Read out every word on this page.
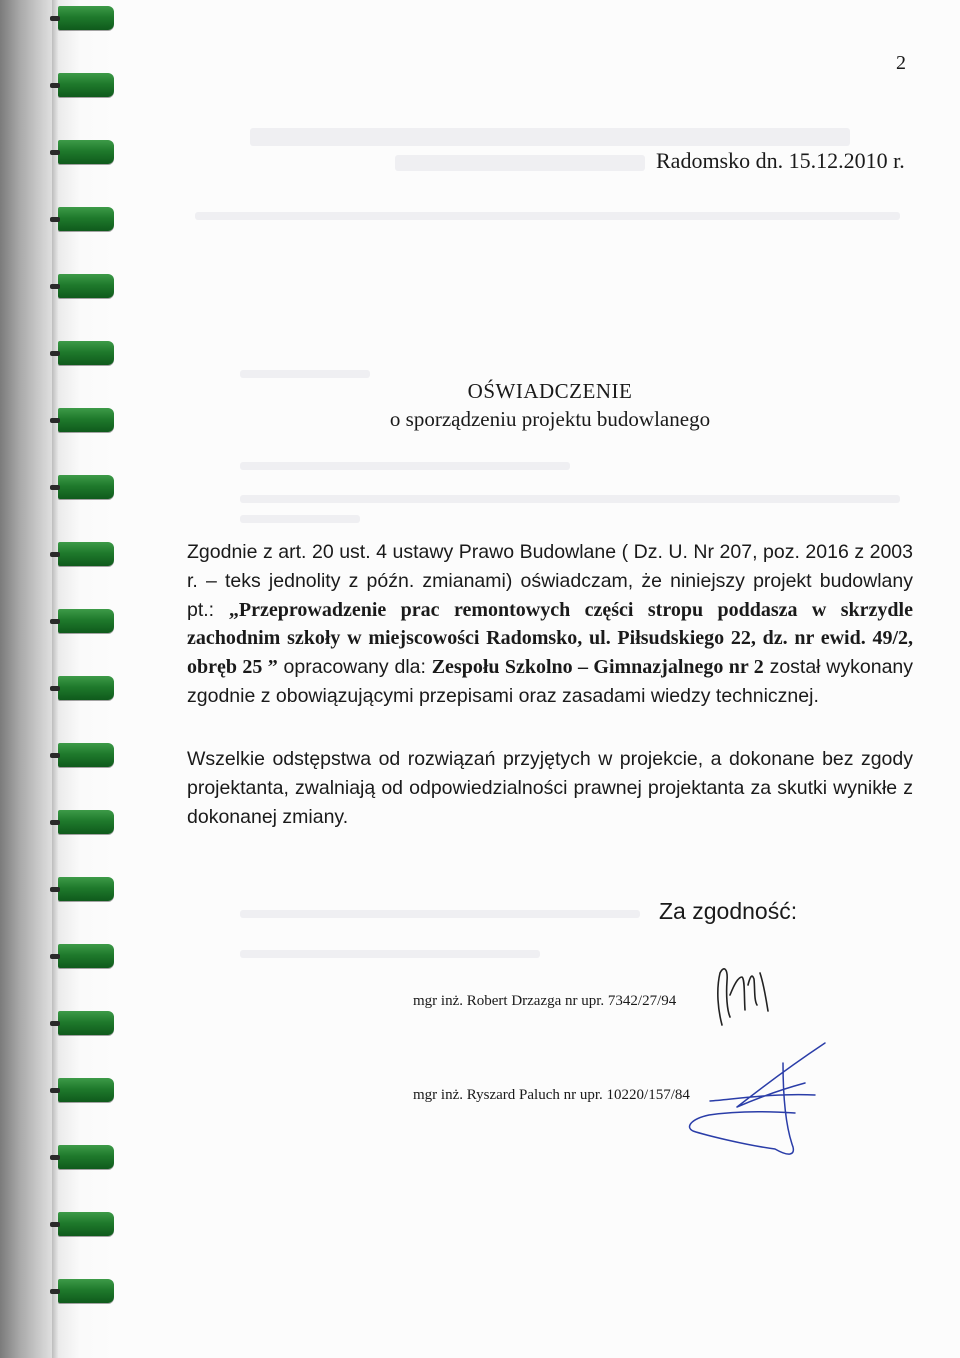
2
Radomsko dn. 15.12.2010 r.
OŚWIADCZENIE
o sporządzeniu projektu budowlanego
Zgodnie z art. 20 ust. 4 ustawy Prawo Budowlane ( Dz. U. Nr 207, poz. 2016 z 2003 r. – teks jednolity z późn. zmianami) oświadczam, że niniejszy projekt budowlany pt.: „Przeprowadzenie prac remontowych części stropu poddasza w skrzydle zachodnim szkoły w miejscowości Radomsko, ul. Piłsudskiego 22, dz. nr ewid. 49/2, obręb 25 ” opracowany dla: Zespołu Szkolno – Gimnazjalnego nr 2 został wykonany zgodnie z obowiązującymi przepisami oraz zasadami wiedzy technicznej.
Wszelkie odstępstwa od rozwiązań przyjętych w projekcie, a dokonane bez zgody projektanta, zwalniają od odpowiedzialności prawnej projektanta za skutki wynikłe z dokonanej zmiany.
Za zgodność:
mgr inż. Robert Drzazga nr upr. 7342/27/94
mgr inż. Ryszard Paluch nr upr. 10220/157/84
